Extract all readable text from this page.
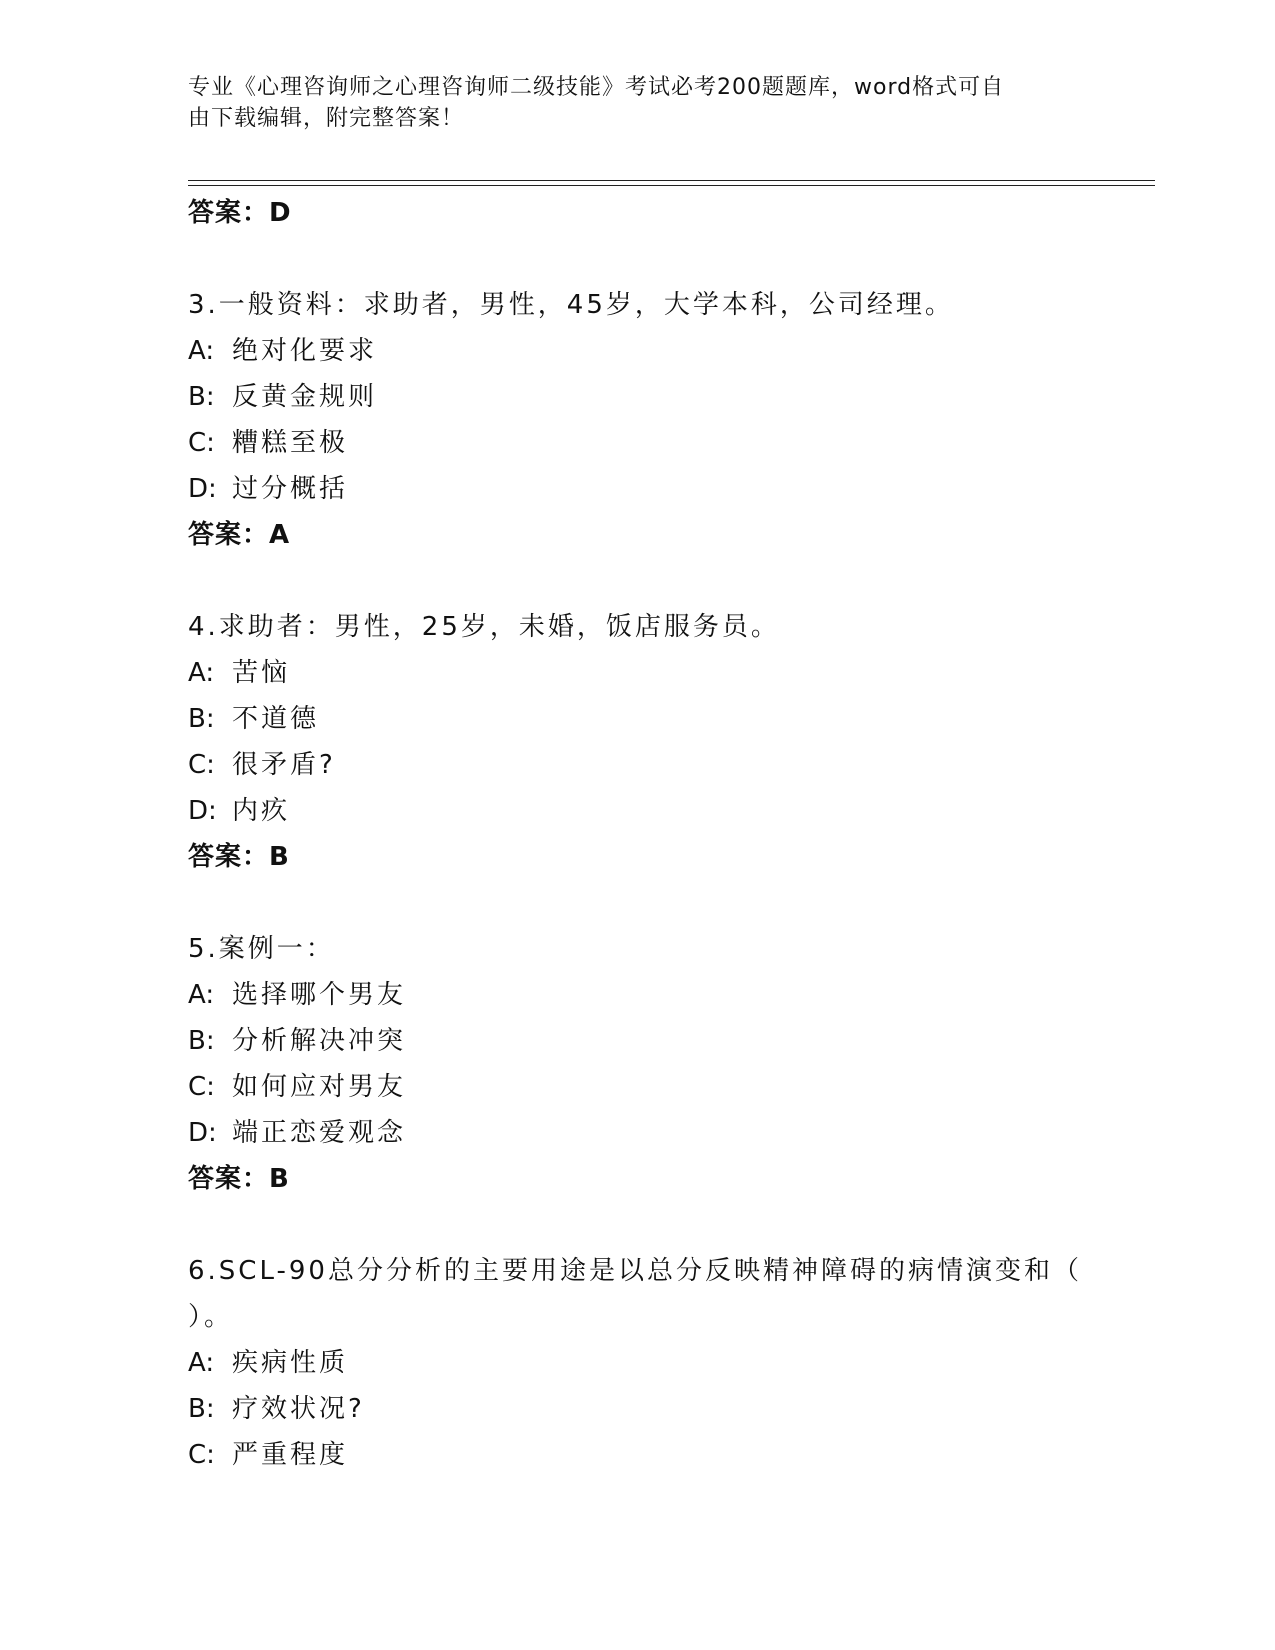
专业《心理咨询师之心理咨询师二级技能》考试必考200题题库，word格式可自
由下载编辑，附完整答案！
答案：D
3.一般资料：求助者，男性，45岁，大学本科，公司经理。
A: 绝对化要求
B: 反黄金规则
C: 糟糕至极
D: 过分概括
答案：A
4.求助者：男性，25岁，未婚，饭店服务员。
A: 苦恼
B: 不道德
C: 很矛盾?
D: 内疚
答案：B
5.案例一：
A: 选择哪个男友
B: 分析解决冲突
C: 如何应对男友
D: 端正恋爱观念
答案：B
6.SCL-90总分分析的主要用途是以总分反映精神障碍的病情演变和（
）。
A: 疾病性质
B: 疗效状况?
C: 严重程度
